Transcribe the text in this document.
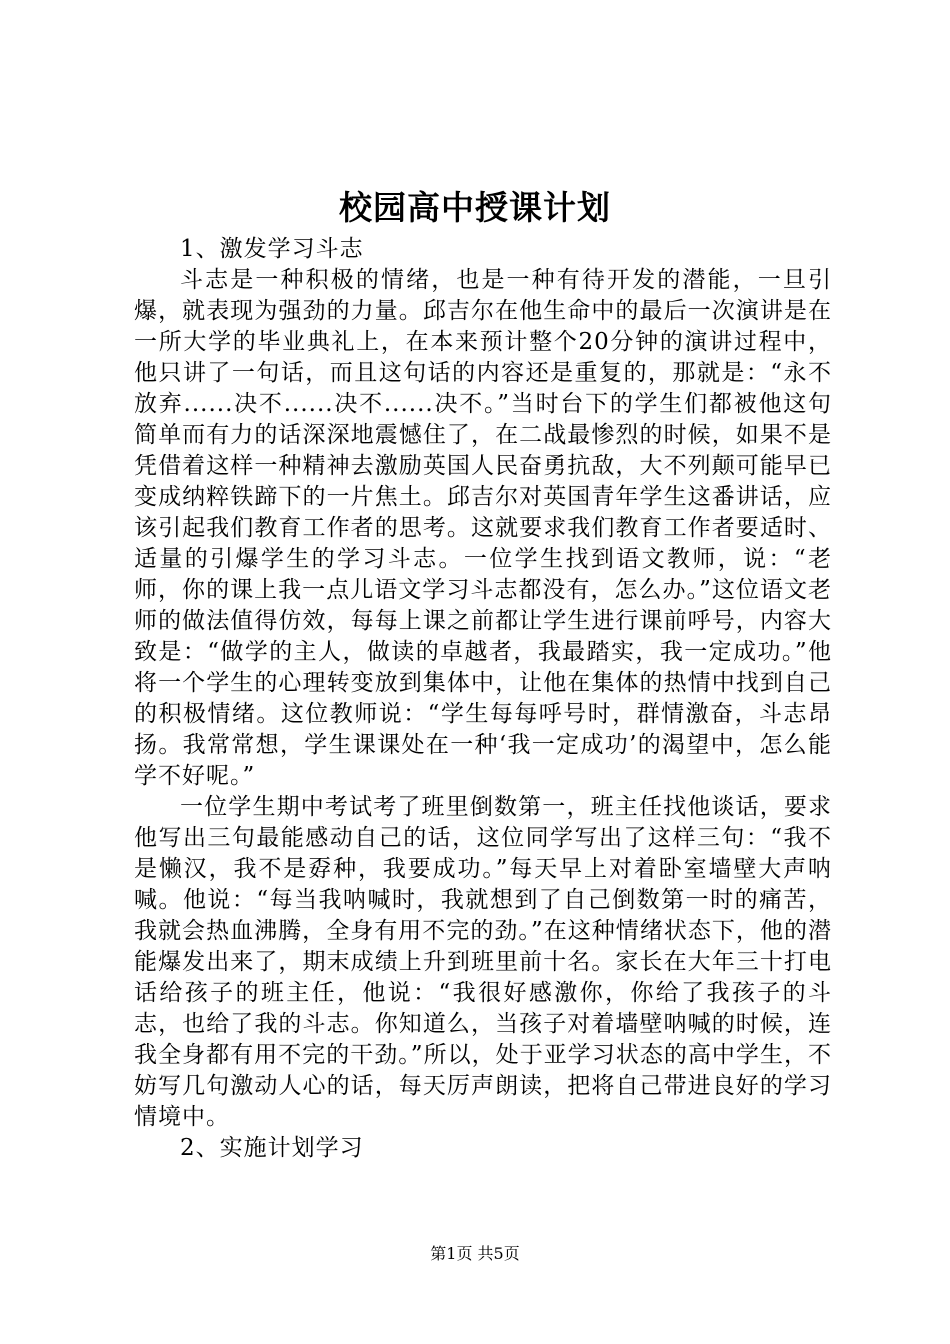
校园高中授课计划

1、激发学习斗志

斗志是一种积极的情绪，也是一种有待开发的潜能，一旦引爆，就表现为强劲的力量。邱吉尔在他生命中的最后一次演讲是在一所大学的毕业典礼上，在本来预计整个20分钟的演讲过程中，他只讲了一句话，而且这句话的内容还是重复的，那就是：“永不放弃......决不......决不......决不。”当时台下的学生们都被他这句简单而有力的话深深地震憾住了，在二战最惨烈的时候，如果不是凭借着这样一种精神去激励英国人民奋勇抗敌，大不列颠可能早已变成纳粹铁蹄下的一片焦土。邱吉尔对英国青年学生这番讲话，应该引起我们教育工作者的思考。这就要求我们教育工作者要适时、适量的引爆学生的学习斗志。一位学生找到语文教师，说：“老师，你的课上我一点儿语文学习斗志都没有，怎么办。”这位语文老师的做法值得仿效，每每上课之前都让学生进行课前呼号，内容大致是：“做学的主人，做读的卓越者，我最踏实，我一定成功。”他将一个学生的心理转变放到集体中，让他在集体的热情中找到自己的积极情绪。这位教师说：“学生每每呼号时，群情激奋，斗志昂扬。我常常想，学生课课处在一种‘我一定成功’的渴望中，怎么能学不好呢。”

一位学生期中考试考了班里倒数第一，班主任找他谈话，要求他写出三句最能感动自己的话，这位同学写出了这样三句：“我不是懒汉，我不是孬种，我要成功。”每天早上对着卧室墙壁大声呐喊。他说：“每当我呐喊时，我就想到了自己倒数第一时的痛苦，我就会热血沸腾，全身有用不完的劲。”在这种情绪状态下，他的潜能爆发出来了，期末成绩上升到班里前十名。家长在大年三十打电话给孩子的班主任，他说：“我很好感激你，你给了我孩子的斗志，也给了我的斗志。你知道么，当孩子对着墙壁呐喊的时候，连我全身都有用不完的干劲。”所以，处于亚学习状态的高中学生，不妨写几句激动人心的话，每天厉声朗读，把将自己带进良好的学习情境中。

2、实施计划学习

第1页 共5页
